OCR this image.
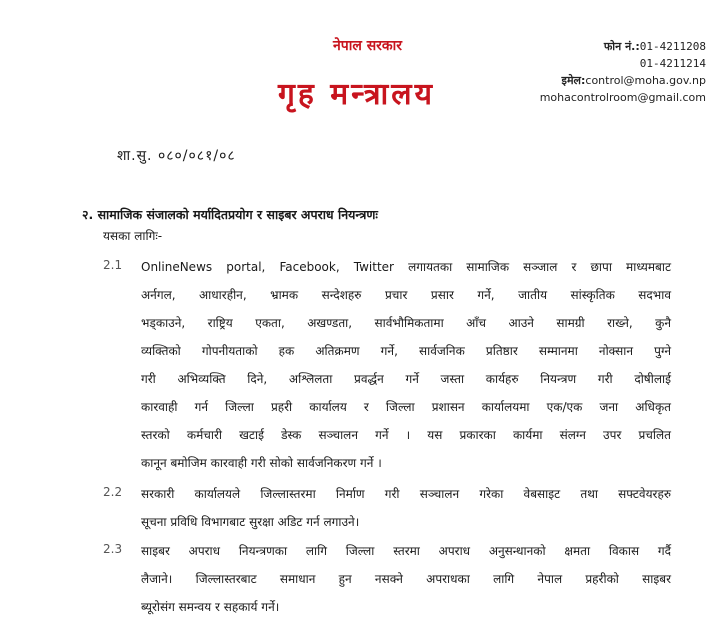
नेपाल सरकार
गृह मन्त्रालय
फोन नं.:01-4211208
01-4211214
इमेल:control@moha.gov.np
mohacontrolroom@gmail.com
शा.सु. ०८०/०८१/०८
२. सामाजिक संजालको मर्यादितप्रयोग र साइबर अपराध नियन्त्रणः
यसका लागिः-
2.1	OnlineNews portal, Facebook, Twitter लगायतका सामाजिक सञ्जाल र छापा माध्यमबाट
अर्नगल, आधारहीन, भ्रामक सन्देशहरु प्रचार प्रसार गर्ने, जातीय सांस्कृतिक सदभाव
भड्काउने, राष्ट्रिय एकता, अखण्डता, सार्वभौमिकतामा आँच आउने सामग्री राख्ने, कुनै
व्यक्तिको गोपनीयताको हक अतिक्रमण गर्ने, सार्वजनिक प्रतिष्ठार सम्मानमा नोक्सान पुग्ने
गरी अभिव्यक्ति दिने, अश्लिलता प्रवर्द्धन गर्ने जस्ता कार्यहरु नियन्त्रण गरी दोषीलाई
कारवाही गर्न जिल्ला प्रहरी कार्यालय र जिल्ला प्रशासन कार्यालयमा एक/एक जना अधिकृत
स्तरको कर्मचारी खटाई डेस्क सञ्चालन गर्ने । यस प्रकारका कार्यमा संलग्न उपर प्रचलित
कानून बमोजिम कारवाही गरी सोको सार्वजनिकरण गर्ने ।
2.2	सरकारी कार्यालयले जिल्लास्तरमा निर्माण गरी सञ्चालन गरेका वेबसाइट तथा सफ्टवेयरहरु
सूचना प्रविधि विभागबाट सुरक्षा अडिट गर्न लगाउने।
2.3	साइबर अपराध नियन्त्रणका लागि जिल्ला स्तरमा अपराध अनुसन्धानको क्षमता विकास गर्दै
लैजाने। जिल्लास्तरबाट समाधान हुन नसक्ने अपराधका लागि नेपाल प्रहरीको साइबर
ब्यूरोसंग समन्वय र सहकार्य गर्ने।
